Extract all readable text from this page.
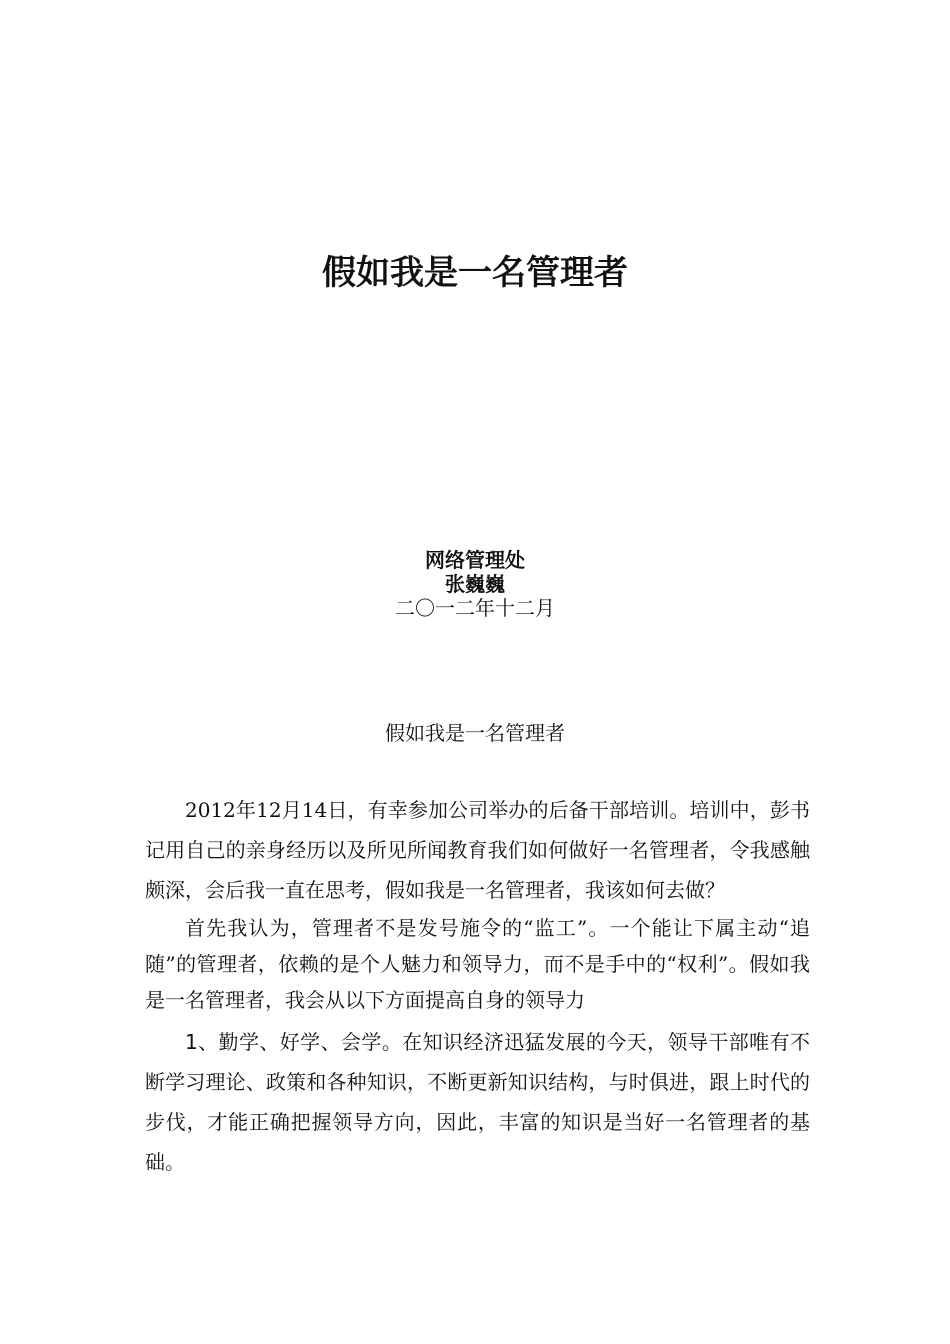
假如我是一名管理者
网络管理处
张巍巍
二〇一二年十二月
假如我是一名管理者

2012年12月14日，有幸参加公司举办的后备干部培训。培训中，彭书记用自己的亲身经历以及所见所闻教育我们如何做好一名管理者，令我感触颇深，会后我一直在思考，假如我是一名管理者，我该如何去做？

首先我认为，管理者不是发号施令的“监工”。一个能让下属主动“追随”的管理者，依赖的是个人魅力和领导力，而不是手中的“权利”。假如我是一名管理者，我会从以下方面提高自身的领导力

1、勤学、好学、会学。在知识经济迅猛发展的今天，领导干部唯有不断学习理论、政策和各种知识，不断更新知识结构，与时俱进，跟上时代的步伐，才能正确把握领导方向，因此，丰富的知识是当好一名管理者的基础。
